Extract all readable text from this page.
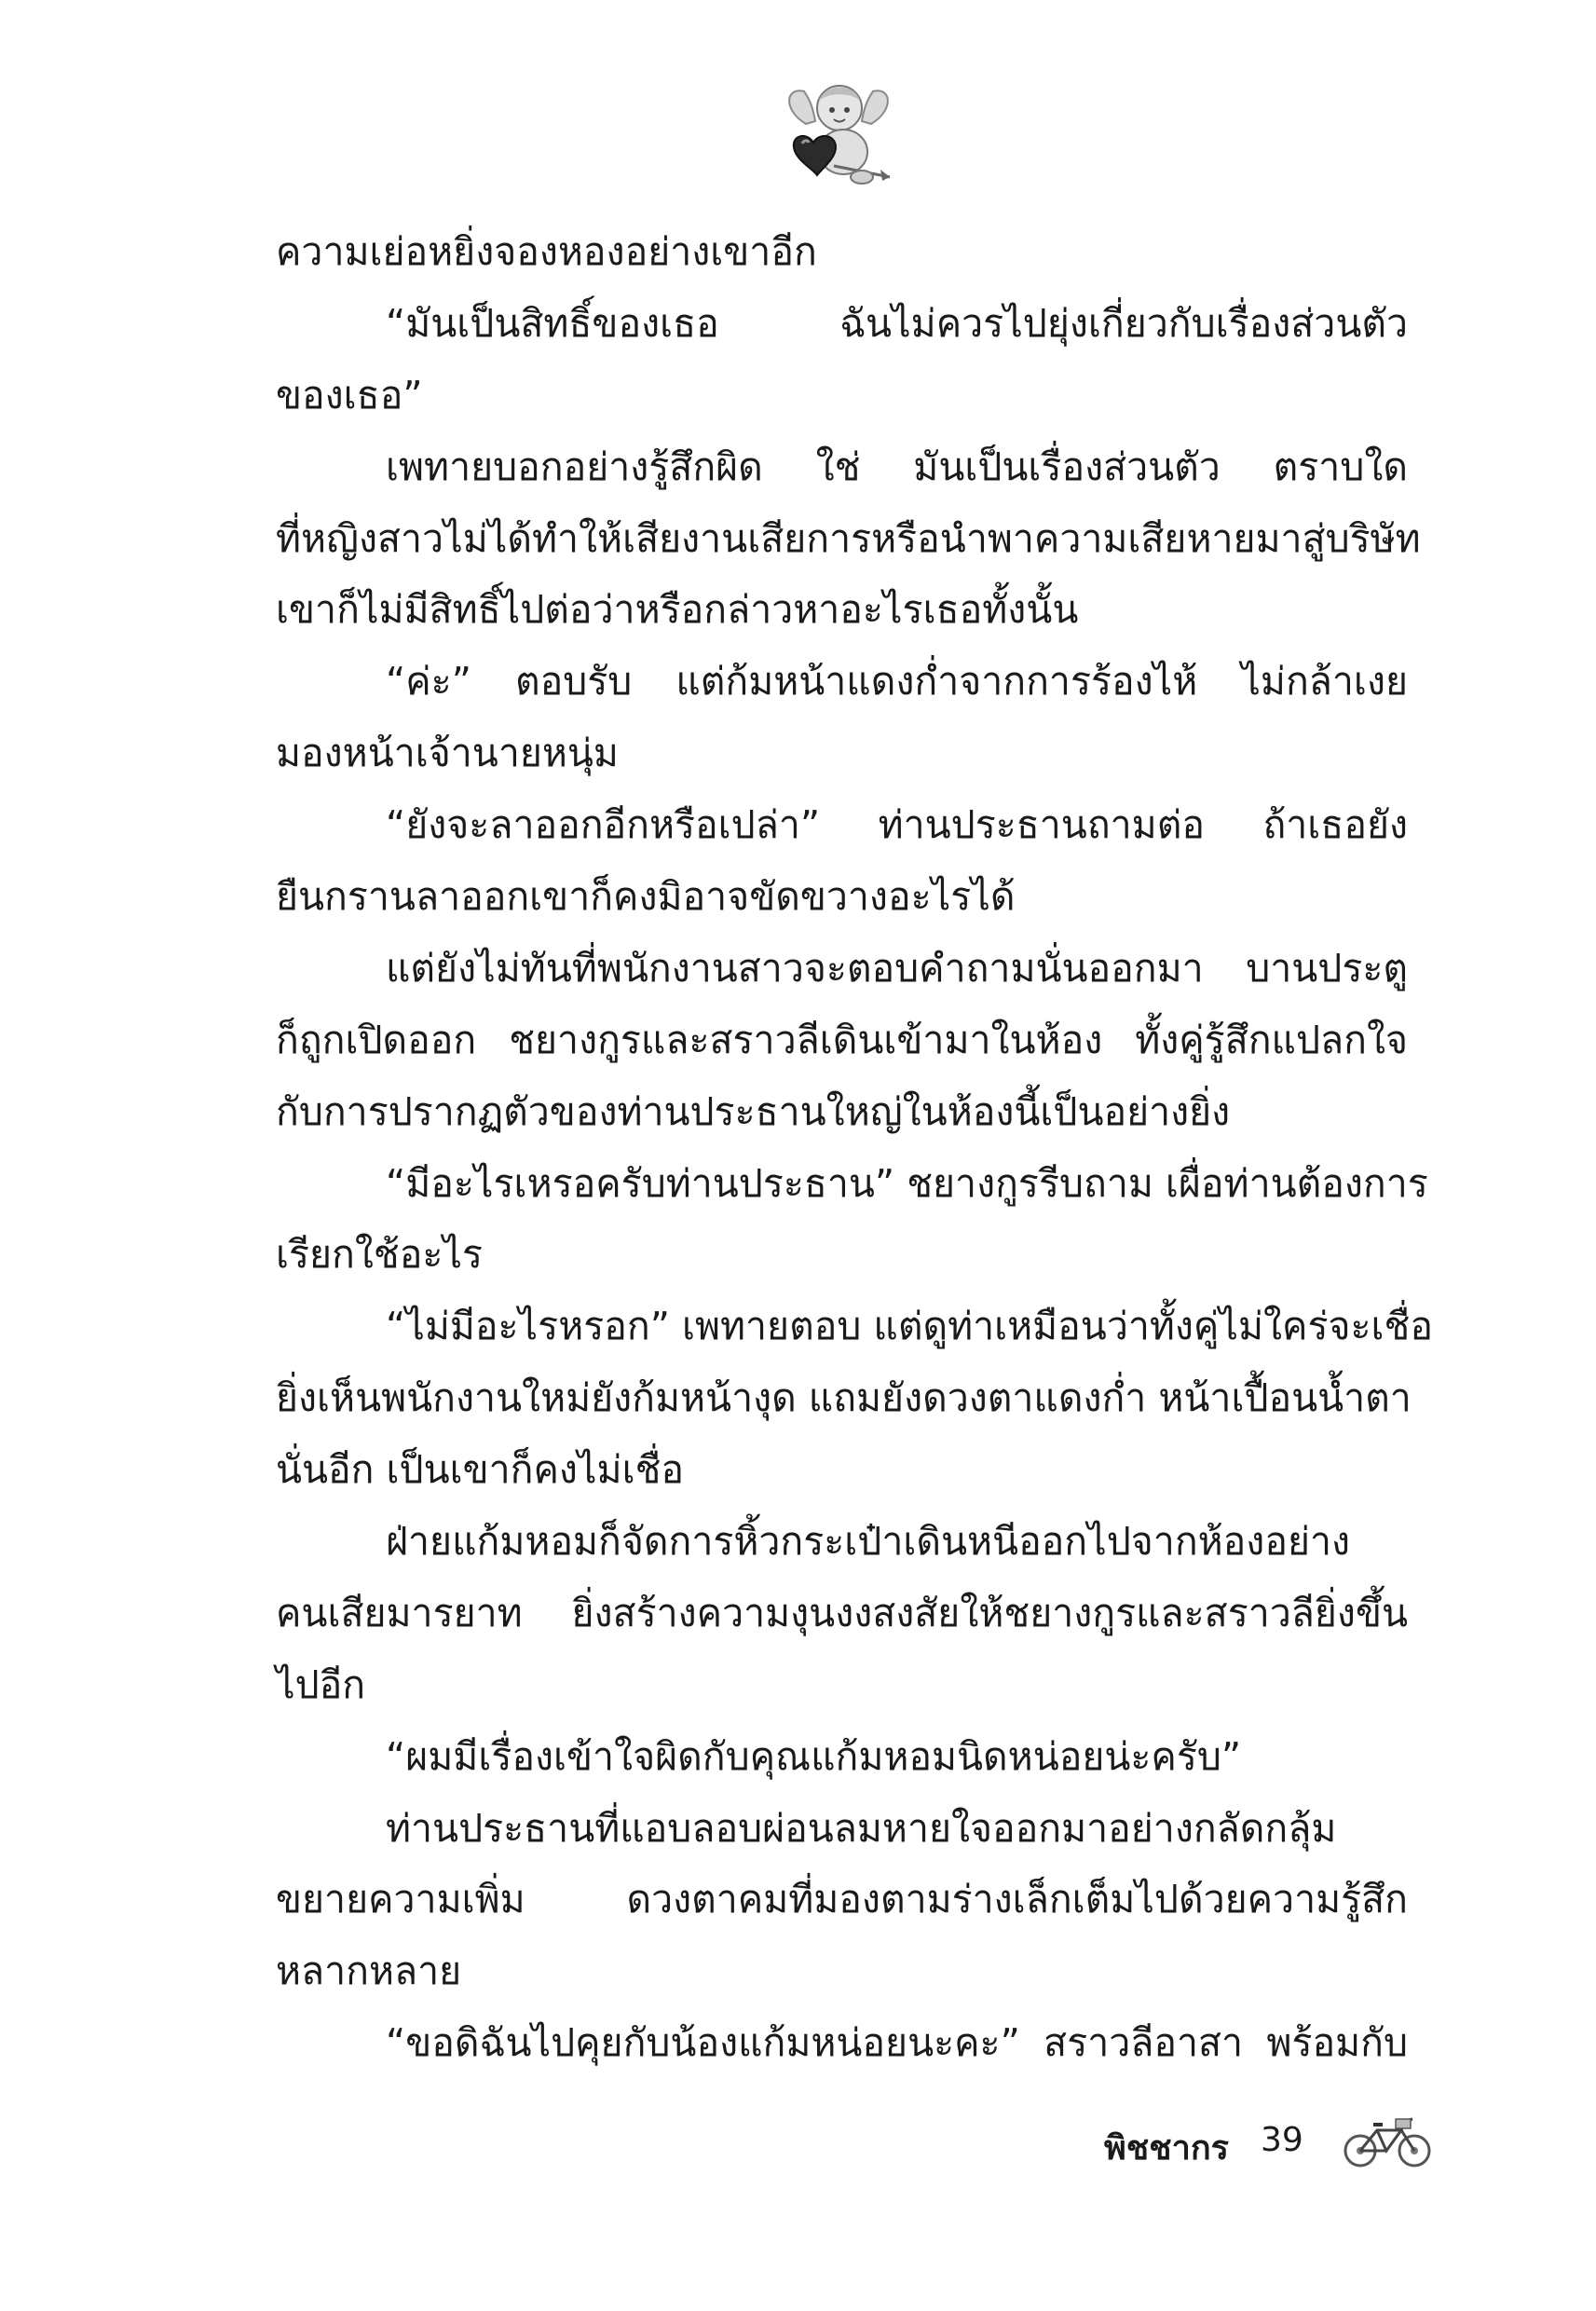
ความเย่อหยิ่งจองหองอย่างเขาอีก
“มันเป็นสิทธิ์ของเธอ ฉันไม่ควรไปยุ่งเกี่ยวกับเรื่องส่วนตัว
ของเธอ”
เพทายบอกอย่างรู้สึกผิด ใช่ มันเป็นเรื่องส่วนตัว ตราบใด
ที่หญิงสาวไม่ได้ทำให้เสียงานเสียการหรือนำพาความเสียหายมาสู่บริษัท
เขาก็ไม่มีสิทธิ์ไปต่อว่าหรือกล่าวหาอะไรเธอทั้งนั้น
“ค่ะ” ตอบรับ แต่ก้มหน้าแดงก่ำจากการร้องไห้ ไม่กล้าเงย
มองหน้าเจ้านายหนุ่ม
“ยังจะลาออกอีกหรือเปล่า” ท่านประธานถามต่อ ถ้าเธอยัง
ยืนกรานลาออกเขาก็คงมิอาจขัดขวางอะไรได้
แต่ยังไม่ทันที่พนักงานสาวจะตอบคำถามนั่นออกมา บานประตู
ก็ถูกเปิดออก ชยางกูรและสราวลีเดินเข้ามาในห้อง ทั้งคู่รู้สึกแปลกใจ
กับการปรากฏตัวของท่านประธานใหญ่ในห้องนี้เป็นอย่างยิ่ง
“มีอะไรเหรอครับท่านประธาน” ชยางกูรรีบถาม เผื่อท่านต้องการ
เรียกใช้อะไร
“ไม่มีอะไรหรอก” เพทายตอบ แต่ดูท่าเหมือนว่าทั้งคู่ไม่ใคร่จะเชื่อ
ยิ่งเห็นพนักงานใหม่ยังก้มหน้างุด แถมยังดวงตาแดงก่ำ หน้าเปื้อนน้ำตา
นั่นอีก เป็นเขาก็คงไม่เชื่อ
ฝ่ายแก้มหอมก็จัดการหิ้วกระเป๋าเดินหนีออกไปจากห้องอย่าง
คนเสียมารยาท ยิ่งสร้างความงุนงงสงสัยให้ชยางกูรและสราวลียิ่งขึ้น
ไปอีก
“ผมมีเรื่องเข้าใจผิดกับคุณแก้มหอมนิดหน่อยน่ะครับ”
ท่านประธานที่แอบลอบผ่อนลมหายใจออกมาอย่างกลัดกลุ้ม
ขยายความเพิ่ม ดวงตาคมที่มองตามร่างเล็กเต็มไปด้วยความรู้สึก
หลากหลาย
“ขอดิฉันไปคุยกับน้องแก้มหน่อยนะคะ” สราวลีอาสา พร้อมกับ
พิชชากร 39
